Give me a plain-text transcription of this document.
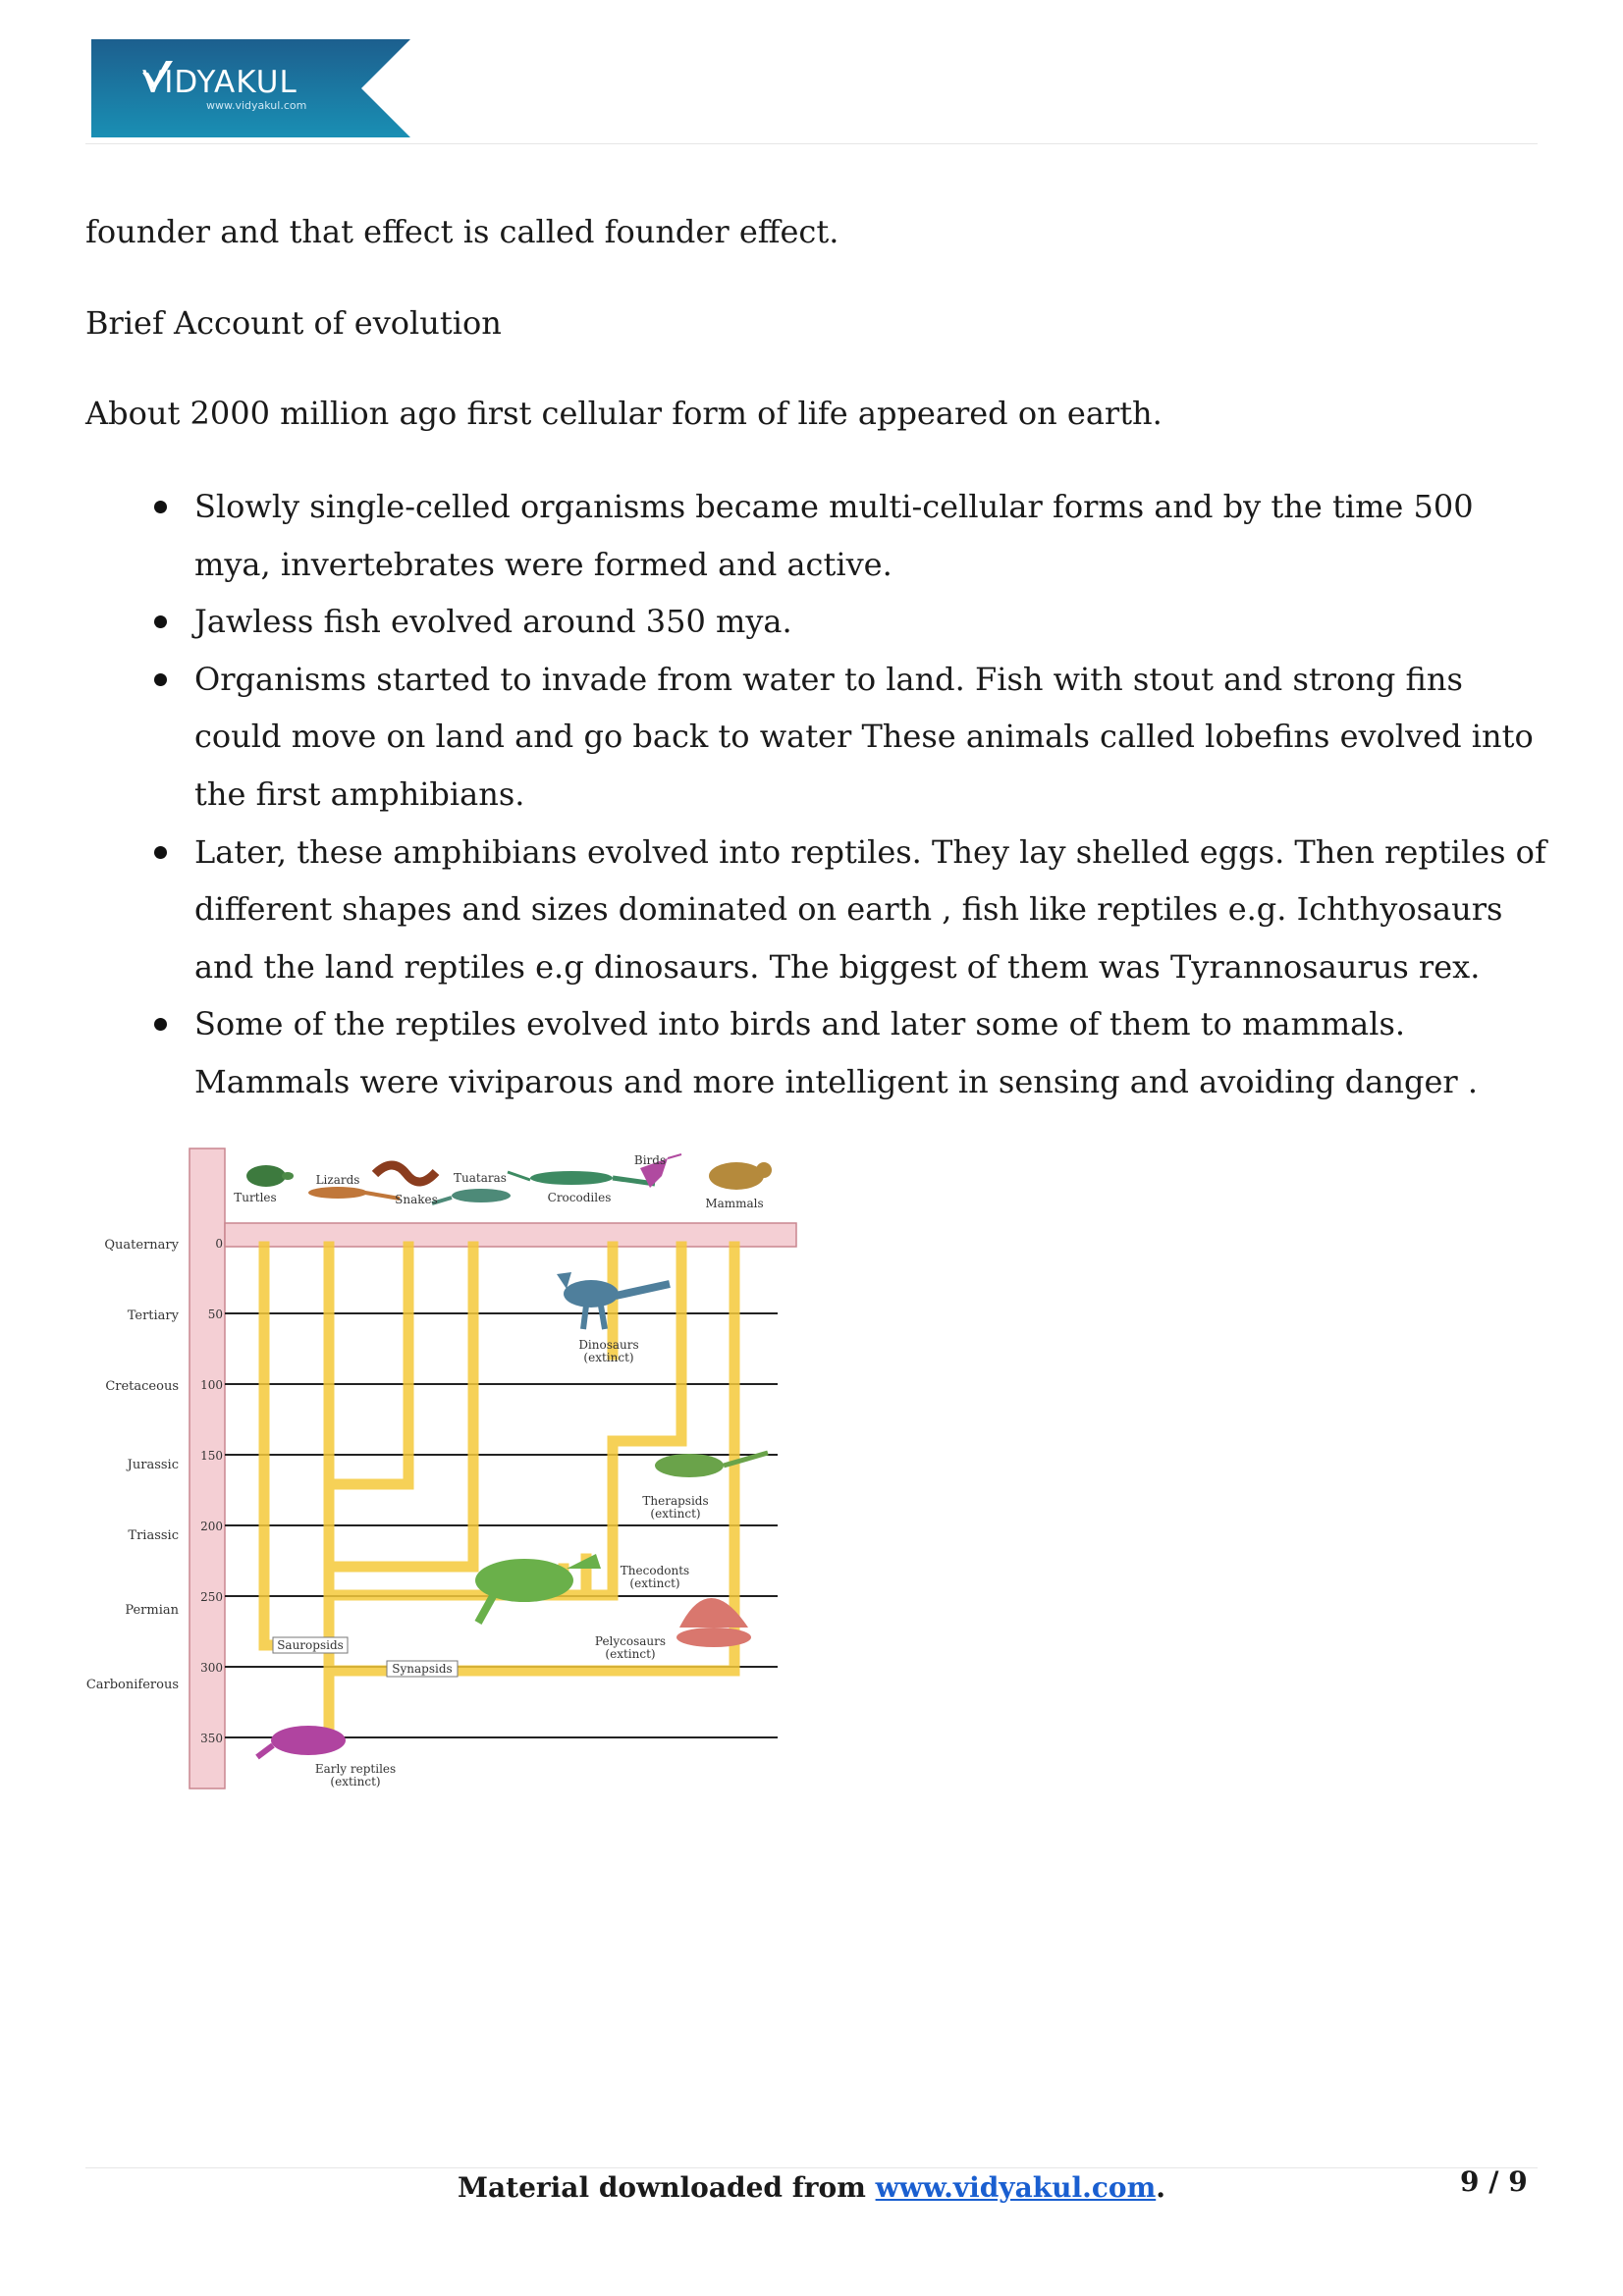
VIDYAKUL
www.vidyakul.com

founder and that effect is called founder effect.

Brief Account of evolution

About 2000 million ago first cellular form of life appeared on earth.

Slowly single-celled organisms became multi-cellular forms and by the time 500 mya, invertebrates were formed and active.
Jawless fish evolved around 350 mya.
Organisms started to invade from water to land. Fish with stout and strong fins could move on land and go back to water These animals called lobefins evolved into the first amphibians.
Later, these amphibians evolved into reptiles. They lay shelled eggs. Then reptiles of different shapes and sizes dominated on earth , fish like reptiles e.g. Ichthyosaurs and the land reptiles e.g dinosaurs. The biggest of them was Tyrannosaurus rex.
Some of the reptiles evolved into birds and later some of them to mammals. Mammals were viviparous and more intelligent in sensing and avoiding danger .
Quaternary
Tertiary
Cretaceous
Jurassic
Triassic
Permian
Carboniferous
0
50
100
150
200
250
300
350
Turtles
Lizards
Snakes
Tuataras
Crocodiles
Birds
Mammals
Dinosaurs
(extinct)
Therapsids
(extinct)
Thecodonts
(extinct)
Pelycosaurs
(extinct)
Early reptiles
(extinct)
Sauropsids
Synapsids
Material downloaded from www.vidyakul.com.	9 / 9
